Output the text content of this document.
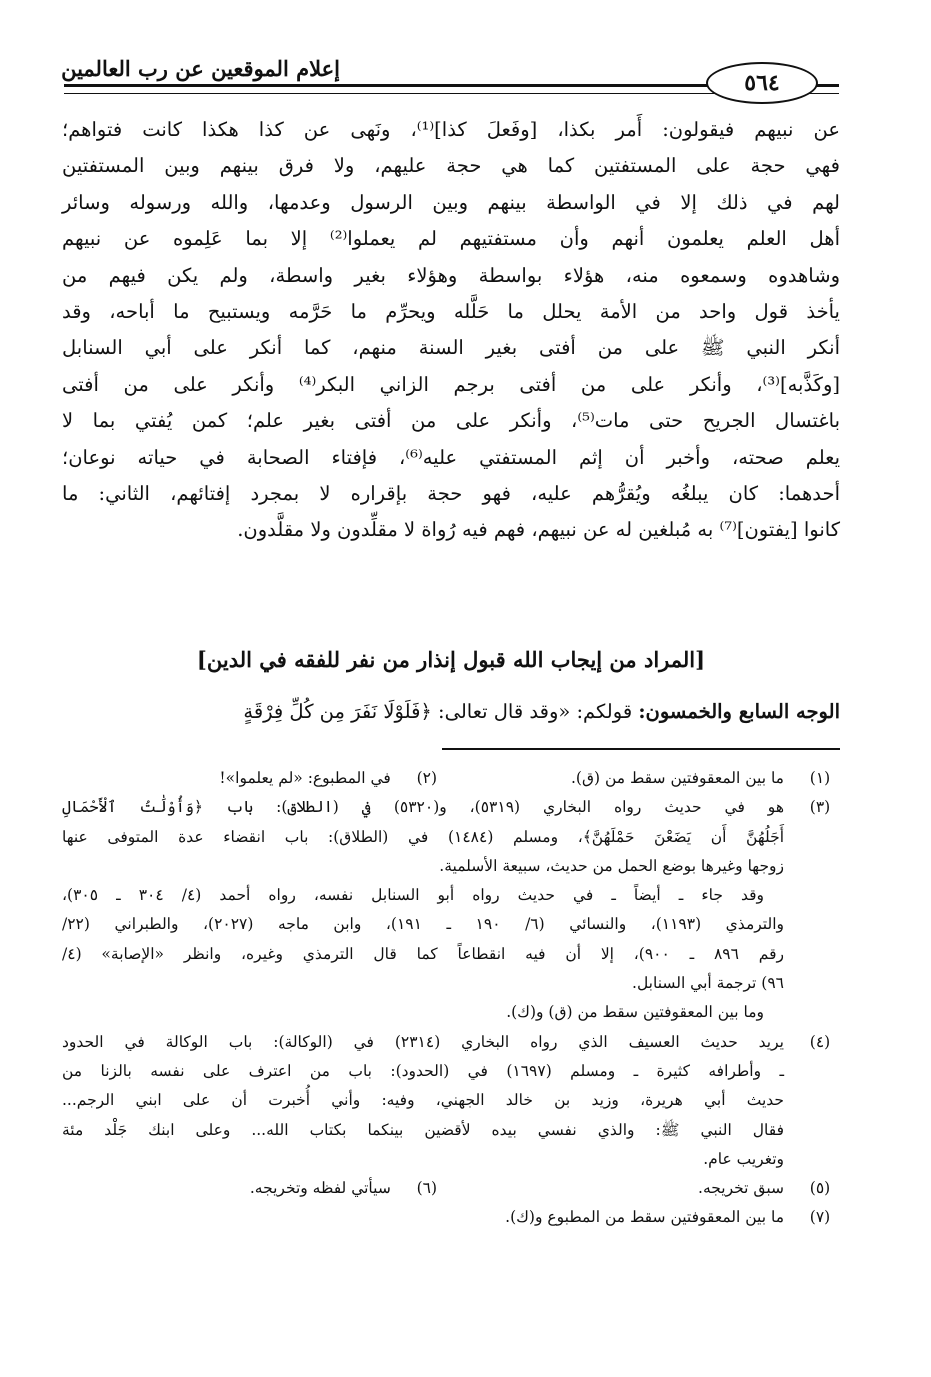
إعلام الموقعين عن رب العالمين
٥٦٤
عن نبيهم فيقولون: أَمر بكذا، [وفَعلَ كذا]⁽¹⁾، ونَهى عن كذا هكذا كانت فتواهم؛
فهي حجة على المستفتين كما هي حجة عليهم، ولا فرق بينهم وبين المستفتين
لهم في ذلك إلا في الواسطة بينهم وبين الرسول وعدمها، والله ورسوله وسائر
أهل العلم يعلمون أنهم وأن مستفتيهم لم يعملوا⁽²⁾ إلا بما عَلِموه عن نبيهم
وشاهدوه وسمعوه منه، هؤلاء بواسطة وهؤلاء بغير واسطة، ولم يكن فيهم من
يأخذ قول واحد من الأمة يحلل ما حَلَّله ويحرِّم ما حَرَّمه ويستبيح ما أباحه، وقد
أنكر النبي ﷺ على من أفتى بغير السنة منهم، كما أنكر على أبي السنابل
[وكَذَّبه]⁽³⁾، وأنكر على من أفتى برجم الزاني البكر⁽⁴⁾ وأنكر على من أفتى
باغتسال الجريح حتى مات⁽⁵⁾، وأنكر على من أفتى بغير علم؛ كمن يُفتي بما لا
يعلم صحته، وأخبر أن إثم المستفتي عليه⁽⁶⁾، فإفتاء الصحابة في حياته نوعان؛
أحدهما: كان يبلغُه ويُقرُّهم عليه، فهو حجة بإقراره لا بمجرد إفتائهم، الثاني: ما
كانوا [يفتون]⁽⁷⁾ به مُبلغين له عن نبيهم، فهم فيه رُواة لا مقلِّدون ولا مقلَّدون.
[المراد من إيجاب الله قبول إنذار من نفر للفقه في الدين]
الوجه السابع والخمسون: قولكم: «وقد قال تعالى: ﴿فَلَوْلَا نَفَرَ مِن كُلِّ فِرْقَةٍ
(١)
ما بين المعقوفتين سقط من (ق).
(٢)
في المطبوع: «لم يعلموا»!
(٣)
هو في حديث رواه البخاري (٥٣١٩)، و(٥٣٢٠) في (الطلاق): باب ﴿وَأُوْلَٰتُ ٱلْأَحْمَالِ
أَجَلُهُنَّ أَن يَضَعْنَ حَمْلَهُنَّ﴾، ومسلم (١٤٨٤) في (الطلاق): باب انقضاء عدة المتوفى عنها
زوجها وغيرها بوضع الحمل من حديث، سبيعة الأسلمية.
وقد جاء ـ أيضاً ـ في حديث رواه أبو السنابل نفسه، رواه أحمد (٤/ ٣٠٤ ـ ٣٠٥)،
والترمذي (١١٩٣)، والنسائي (٦/ ١٩٠ ـ ١٩١)، وابن ماجه (٢٠٢٧)، والطبراني (٢٢/
رقم ٨٩٦ ـ ٩٠٠)، إلا أن فيه انقطاعاً كما قال الترمذي وغيره، وانظر «الإصابة» (٤/
٩٦) ترجمة أبي السنابل.
وما بين المعقوفتين سقط من (ق) و(ك).
(٤)
يريد حديث العسيف الذي رواه البخاري (٢٣١٤) في (الوكالة): باب الوكالة في الحدود
ـ وأطرافه كثيرة ـ ومسلم (١٦٩٧) في (الحدود): باب من اعترف على نفسه بالزنا من
حديث أبي هريرة، وزيد بن خالد الجهني، وفيه: وأني أُخبرت أن على ابني الرجم...
فقال النبي ﷺ: والذي نفسي بيده لأقضين بينكما بكتاب الله... وعلى ابنك جَلْد مئة
وتغريب عام.
(٥)
سبق تخريجه.
(٦)
سيأتي لفظه وتخريجه.
(٧)
ما بين المعقوفتين سقط من المطبوع و(ك).
